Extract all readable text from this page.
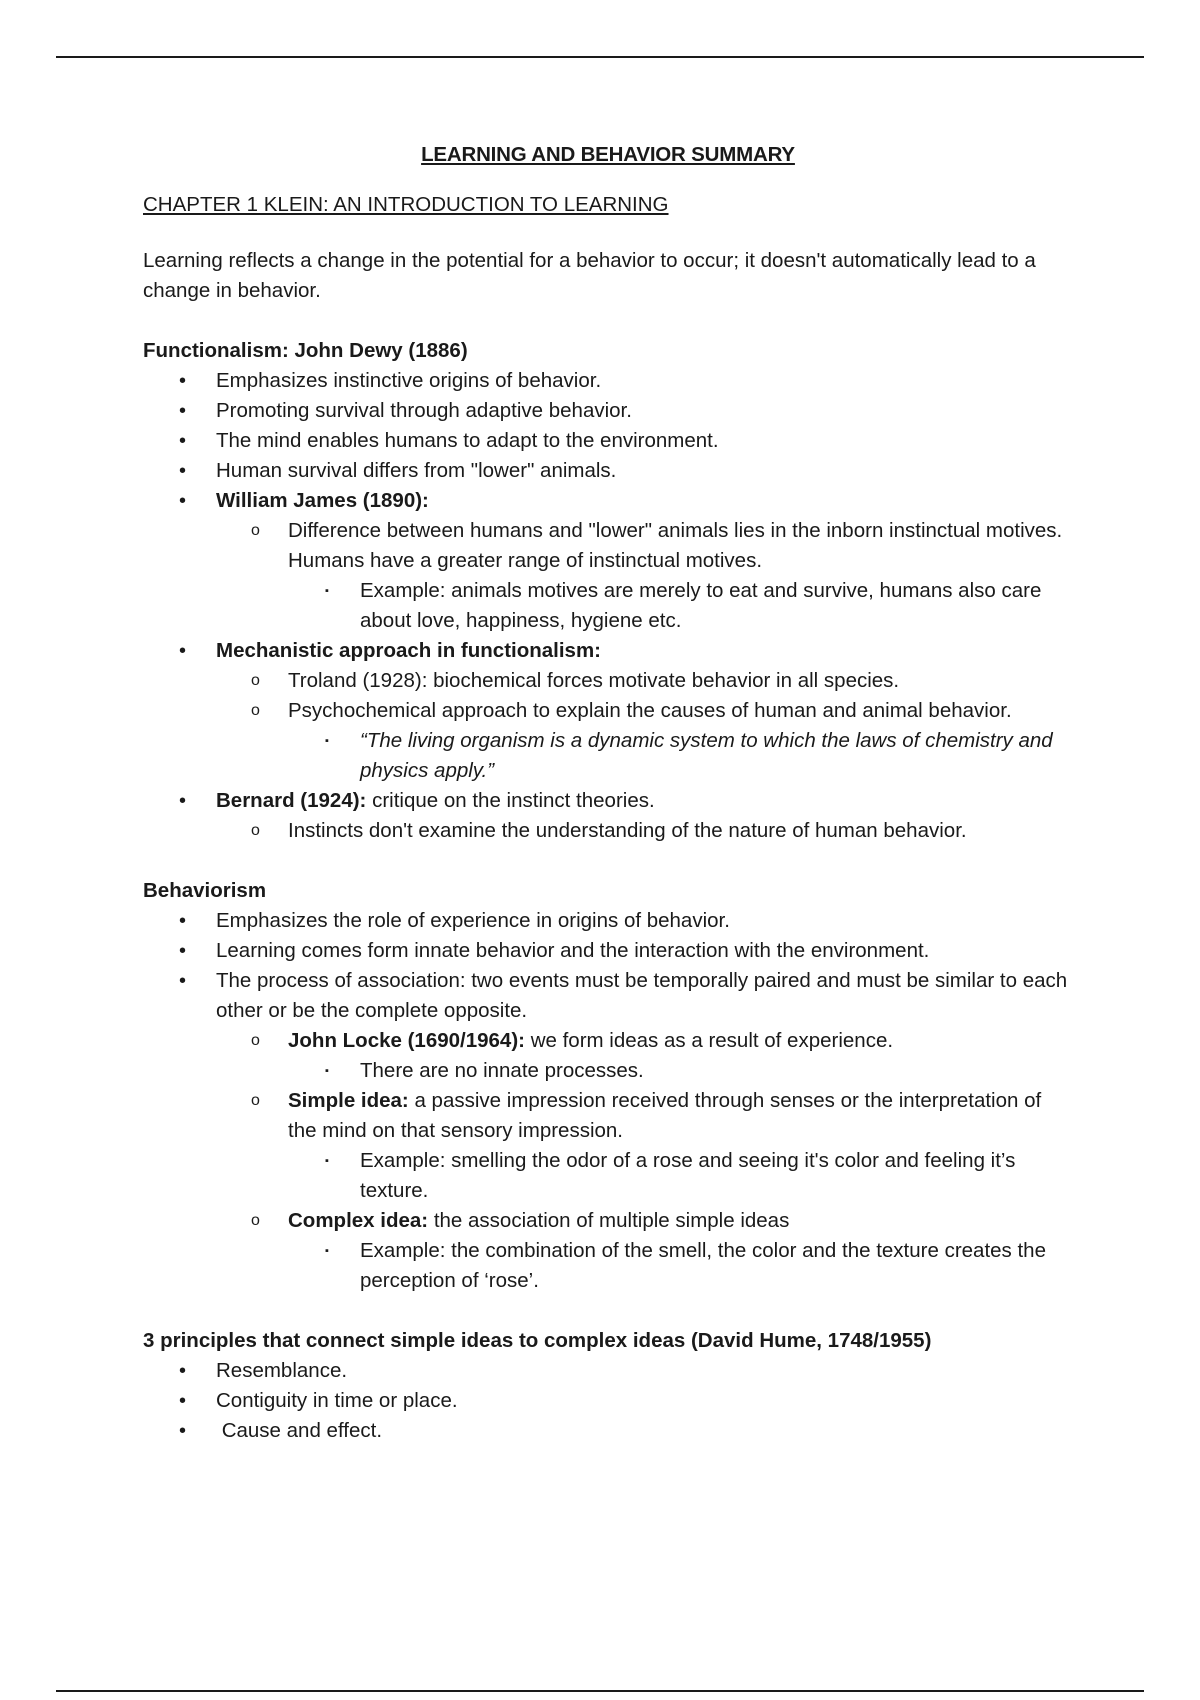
LEARNING AND BEHAVIOR SUMMARY

CHAPTER 1 KLEIN: AN INTRODUCTION TO LEARNING

Learning reflects a change in the potential for a behavior to occur; it doesn't automatically lead to a change in behavior.

Functionalism: John Dewy (1886)

• Emphasizes instinctive origins of behavior.
• Promoting survival through adaptive behavior.
• The mind enables humans to adapt to the environment.
• Human survival differs from "lower" animals.
• William James (1890):
o Difference between humans and "lower" animals lies in the inborn instinctual motives. Humans have a greater range of instinctual motives.
▪ Example: animals motives are merely to eat and survive, humans also care about love, happiness, hygiene etc.
• Mechanistic approach in functionalism:
o Troland (1928): biochemical forces motivate behavior in all species.
o Psychochemical approach to explain the causes of human and animal behavior.
▪ “The living organism is a dynamic system to which the laws of chemistry and physics apply.”
• Bernard (1924): critique on the instinct theories.
o Instincts don't examine the understanding of the nature of human behavior.

Behaviorism

• Emphasizes the role of experience in origins of behavior.
• Learning comes form innate behavior and the interaction with the environment.
• The process of association: two events must be temporally paired and must be similar to each other or be the complete opposite.
o John Locke (1690/1964): we form ideas as a result of experience.
▪ There are no innate processes.
o Simple idea: a passive impression received through senses or the interpretation of the mind on that sensory impression.
▪ Example: smelling the odor of a rose and seeing it's color and feeling it’s texture.
o Complex idea: the association of multiple simple ideas
▪ Example: the combination of the smell, the color and the texture creates the perception of ‘rose’.

3 principles that connect simple ideas to complex ideas (David Hume, 1748/1955)

• Resemblance.
• Contiguity in time or place.
• Cause and effect.
